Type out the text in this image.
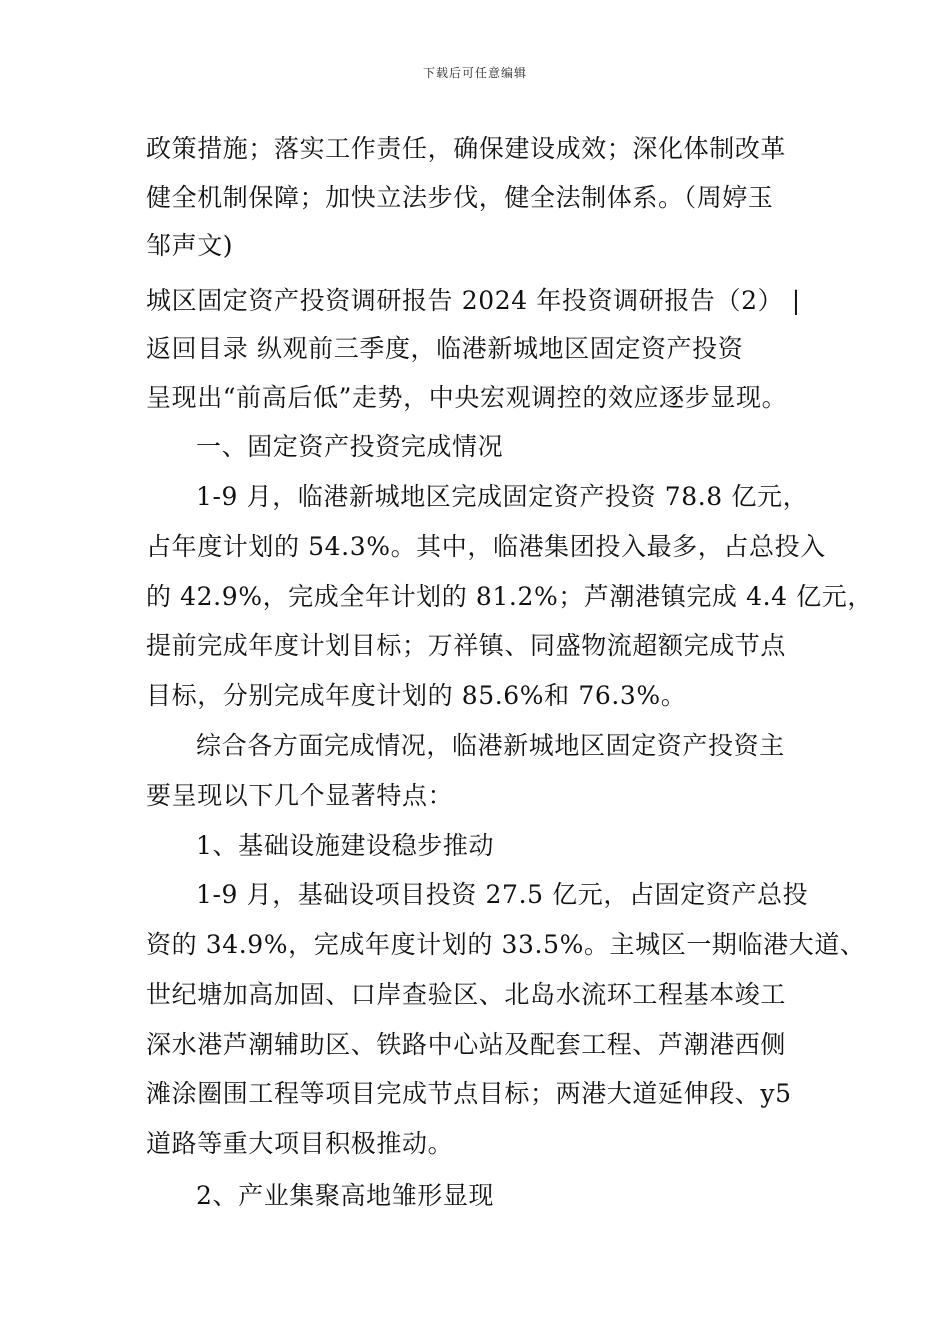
下载后可任意编辑
政策措施；落实工作责任，确保建设成效；深化体制改革
健全机制保障；加快立法步伐，健全法制体系。（周婷玉
邹声文)
城区固定资产投资调研报告 2024 年投资调研报告（2） |
返回目录 纵观前三季度，临港新城地区固定资产投资
呈现出“前高后低”走势，中央宏观调控的效应逐步显现。
一、固定资产投资完成情况
1-9 月，临港新城地区完成固定资产投资 78.8 亿元，
占年度计划的 54.3%。其中，临港集团投入最多，占总投入
的 42.9%，完成全年计划的 81.2%；芦潮港镇完成 4.4 亿元，
提前完成年度计划目标；万祥镇、同盛物流超额完成节点
目标，分别完成年度计划的 85.6%和 76.3%。
综合各方面完成情况，临港新城地区固定资产投资主
要呈现以下几个显著特点：
1、基础设施建设稳步推动
1-9 月，基础设项目投资 27.5 亿元，占固定资产总投
资的 34.9%，完成年度计划的 33.5%。主城区一期临港大道、
世纪塘加高加固、口岸查验区、北岛水流环工程基本竣工
深水港芦潮辅助区、铁路中心站及配套工程、芦潮港西侧
滩涂圈围工程等项目完成节点目标；两港大道延伸段、y5
道路等重大项目积极推动。
2、产业集聚高地雏形显现
